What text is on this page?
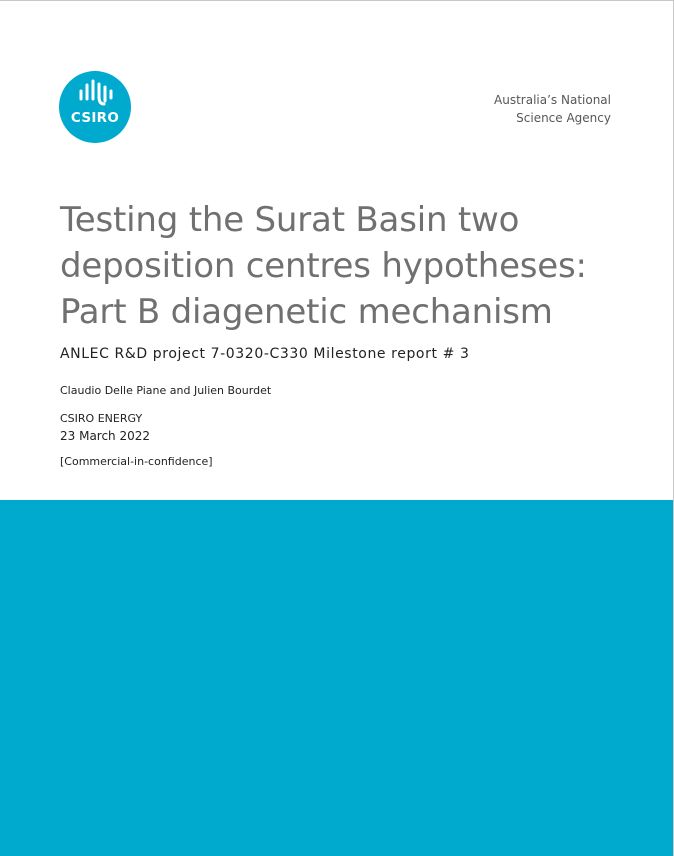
CSIRO
Australia’s National
Science Agency
Testing the Surat Basin two
deposition centres hypotheses:
Part B diagenetic mechanism
ANLEC R&D project 7-0320-C330 Milestone report # 3
Claudio Delle Piane and Julien Bourdet
CSIRO ENERGY
23 March 2022
[Commercial-in-confidence]
